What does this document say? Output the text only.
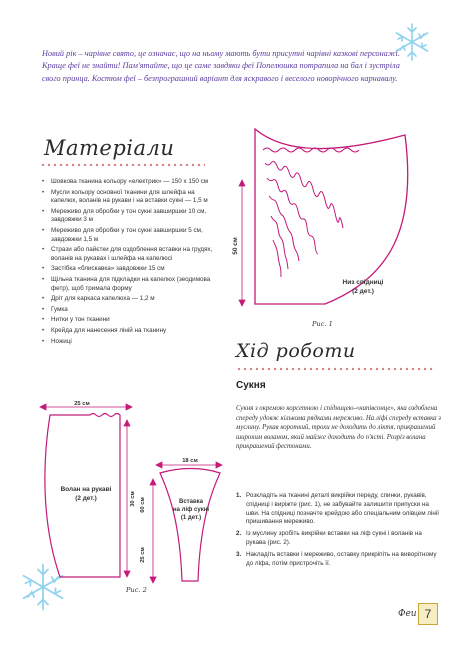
Новий рік – чарівне свято, це означає, що на ньому мають бути присутні чарівні казкові персонажі. Краще феї не знайти! Пам'ятайте, що це саме завдяки феї Попелюшка потрапила на бал і зустріла свого принца. Костюм феї – безпрограшний варіант для яскравого і веселого новорічного карнавалу.
Матеріали
• Шовкова тканина кольору «електрик» — 150 х 150 см
• Мусли кольору основної тканини для шлейфа на капелюх, воланів на рукави і на вставки сукні — 1,5 м
• Мереживо для обробки у тон сукні завширшки 10 см, завдовжки 3 м
• Мереживо для обробки у тон сукні завширшки 5 см, завдовжки 1,5 м
• Стрази або пайєтки для оздоблення вставки на грудях, воланів на рукавах і шлейфа на капелюсі
• Застібка «блискавка» завдовжки 15 см
• Щільна тканина для підкладки на капелюх (зеодимова фетр), щоб тримала форму
• Дріт для каркаса капелюха — 1,2 м
• Гумка
• Нитки у тон тканини
• Крейда для нанесення ліній на тканину
• Ножиці
50 см
Низ спідниці
(2 дет.)
Рис. 1
25 см
30 см
Волан на рукаві
(2 дет.)
18 см
60 см
25 см
Вставка
на ліф сукні
(1 дет.)
Рис. 2
Хід роботи
Сукня
Сукня з окремою корсетною і спідницею-«напівсонце», яка оздоблена спереду удовж кількома рядками мереживо. На ліфі спереду вставка з муслину. Рукав короткий, трохи не доходить до ліктя, прикрашений широким воланом, який майже доходить до п'ястi. Розріз волана прикрашений фестонами.
1. Розкладіть на тканині деталі викрійки переду, спинки, рукавів, спідниці і виріжте (рис. 1), не забувайте залишити припуски на шви. На спідниці позначте крейдою або спеціальним олівцем лінії пришивання мереживо.
2. Із муслину зробіть викрійки вставки на ліф сукні і воланів на рукава (рис. 2).
3. Накладіть вставки і мереживо, оставку прикріпіть на виворітному до ліфа, потім пристрочіть її.
Феи 7
